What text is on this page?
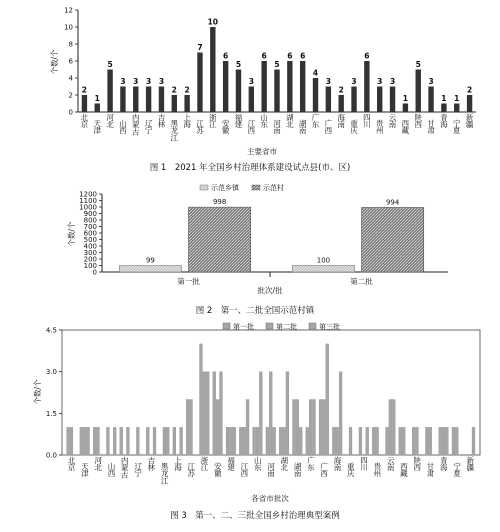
0
2
4
6
8
10
12
2
1
5
3 3 3 3
2 2
7
10
6
5
3
6
5
6 6
4
3
2
3
6
3 3
1
5
3
1 1
2
北京 天津
河北 山西
内蒙古
辽宁
吉林 黑龙江
上海 江苏
浙江 安徽
福建 江西
山东 河南
湖北 湖南
广东 广西
海南 重庆
四川 贵州
云南 西藏
陕西 甘肃
青海 宁夏
新疆
个数/个
主要省市
图 1　2021 年全国乡村治理体系建设试点县(市、区)
0
100
200
300
400
500
600
700
800
900
1000
1100
1200
99
998
100
994
第一批	第二批
示范乡镇	示范村
个数/个
批次/批
图 2　第一、二批全国示范村镇
0.0
1.5
3.0
4.5
北京 天津
河北 山西
内蒙古
辽宁
吉林 黑龙江
上海 江苏
浙江 安徽
福建 江西
山东 河南
湖北 湖南
广东 广西
海南 重庆
四川 贵州
云南 西藏
陕西 甘肃
青海 宁夏
新疆
第一批	第二批	第三批
个数/个
各省市批次
图 3　第一、二、三批全国乡村治理典型案例
